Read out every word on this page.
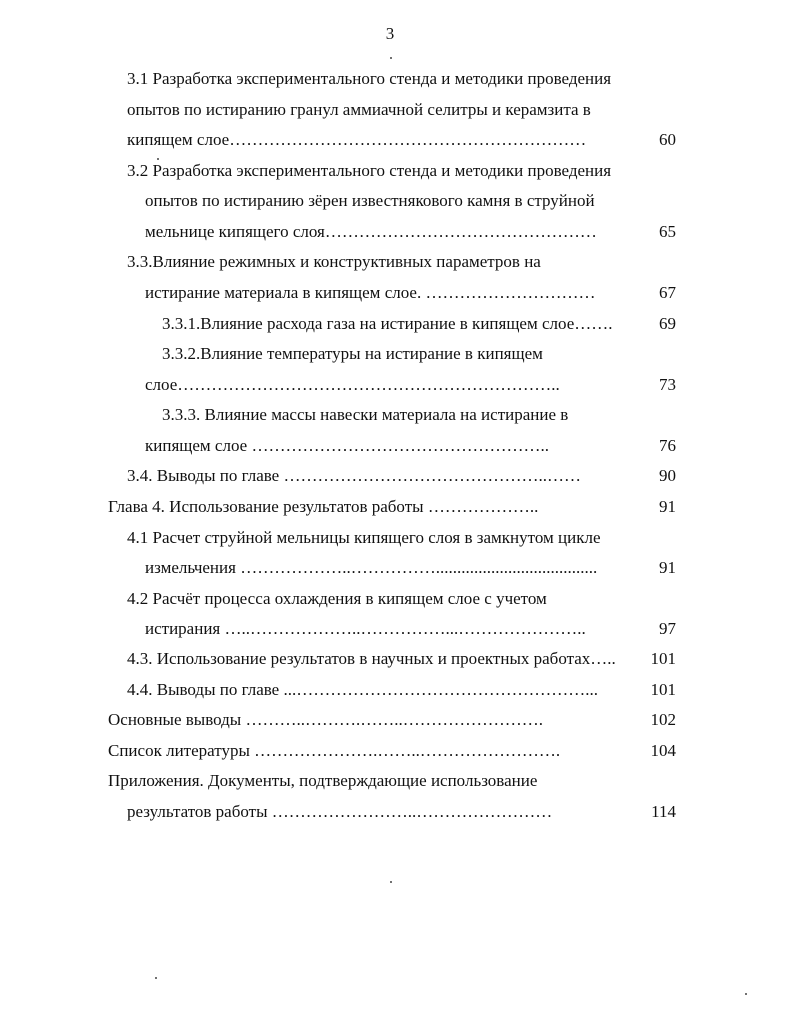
3
3.1 Разработка экспериментального стенда и методики проведения
опытов по истиранию гранул аммиачной селитры и керамзита в
кипящем слое………………………………………………………	60
3.2 Разработка экспериментального стенда и методики проведения
опытов по истиранию зёрен известнякового камня в струйной
мельнице кипящего слоя…………………………………………	65
3.3.Влияние режимных и конструктивных параметров на
истирание материала в кипящем слое. …………………………	67
3.3.1.Влияние расхода газа на истирание в кипящем слое…….	69
3.3.2.Влияние температуры на истирание в кипящем
слое…………………………………………………………..	73
3.3.3. Влияние массы навески материала на истирание в
кипящем слое ……………………………………………..	76
3.4. Выводы по главе ………………………………………..……	90
Глава 4. Использование результатов работы ………………..	91
4.1 Расчет струйной мельницы кипящего слоя в замкнутом цикле
измельчения ………………..……………......................................	91
4.2 Расчёт процесса охлаждения в кипящем слое с учетом
истирания …..………………..……………...…………………..	97
4.3. Использование результатов в научных и проектных работах….. 101
4.4. Выводы по главе ...……………………………………………...	101
Основные выводы ………..……….……..…………………….	102
Список литературы ………………….……..…………………….	104
Приложения. Документы, подтверждающие использование
результатов работы ……………………..……………………	114
